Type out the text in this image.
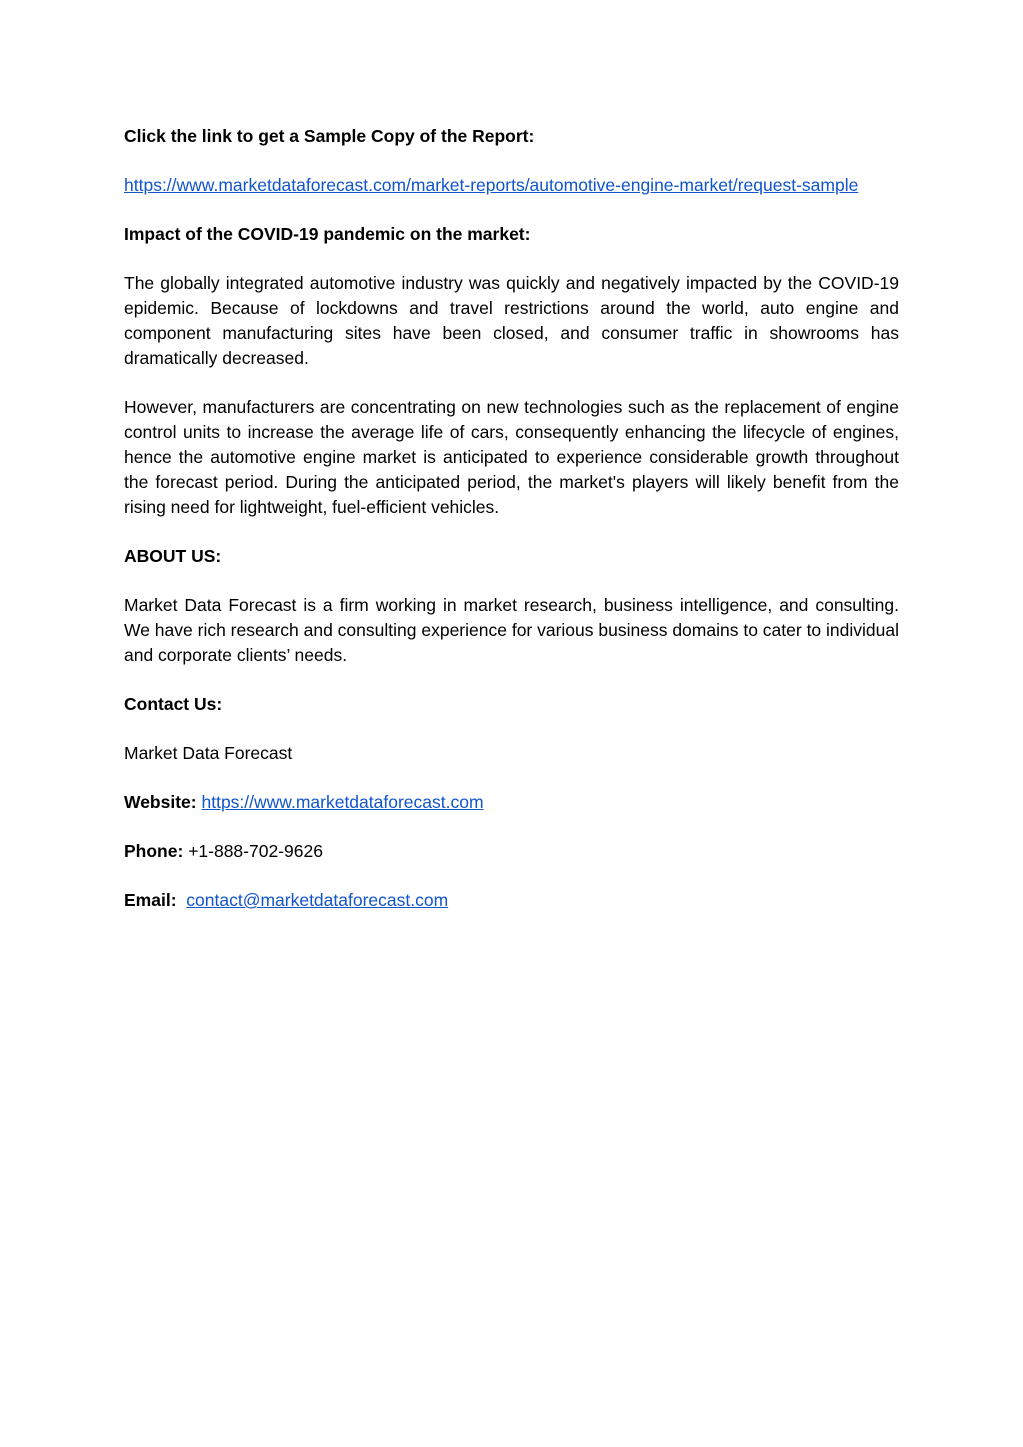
Click the link to get a Sample Copy of the Report:
https://www.marketdataforecast.com/market-reports/automotive-engine-market/request-sample
Impact of the COVID-19 pandemic on the market:
The globally integrated automotive industry was quickly and negatively impacted by the COVID-19 epidemic. Because of lockdowns and travel restrictions around the world, auto engine and component manufacturing sites have been closed, and consumer traffic in showrooms has dramatically decreased.
However, manufacturers are concentrating on new technologies such as the replacement of engine control units to increase the average life of cars, consequently enhancing the lifecycle of engines, hence the automotive engine market is anticipated to experience considerable growth throughout the forecast period. During the anticipated period, the market's players will likely benefit from the rising need for lightweight, fuel-efficient vehicles.
ABOUT US:
Market Data Forecast is a firm working in market research, business intelligence, and consulting. We have rich research and consulting experience for various business domains to cater to individual and corporate clients’ needs.
Contact Us:
Market Data Forecast
Website: https://www.marketdataforecast.com
Phone: +1-888-702-9626
Email: contact@marketdataforecast.com
